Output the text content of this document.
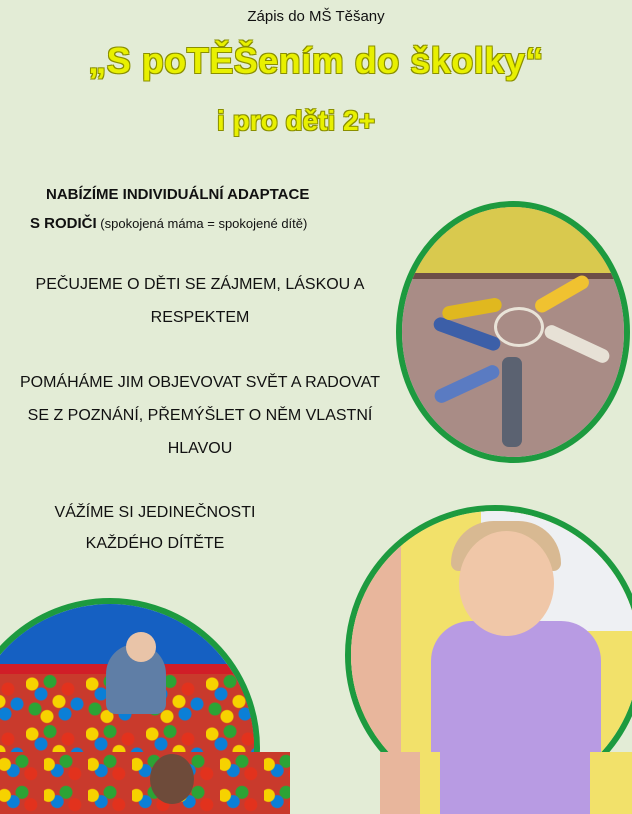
Zápis do MŠ Těšany
„S poTĚŠením do školky“
i pro děti 2+
NABÍZÍME INDIVIDUÁLNÍ ADAPTACE
S RODIČI (spokojená máma = spokojené dítě)
PEČUJEME O DĚTI SE ZÁJMEM, LÁSKOU A RESPEKTEM
POMÁHÁME JIM OBJEVOVAT SVĚT A RADOVAT SE Z POZNÁNÍ, PŘEMÝŠLET O NĚM VLASTNÍ HLAVOU
VÁŽÍME SI JEDINEČNOSTI KAŽDÉHO DÍTĚTE
